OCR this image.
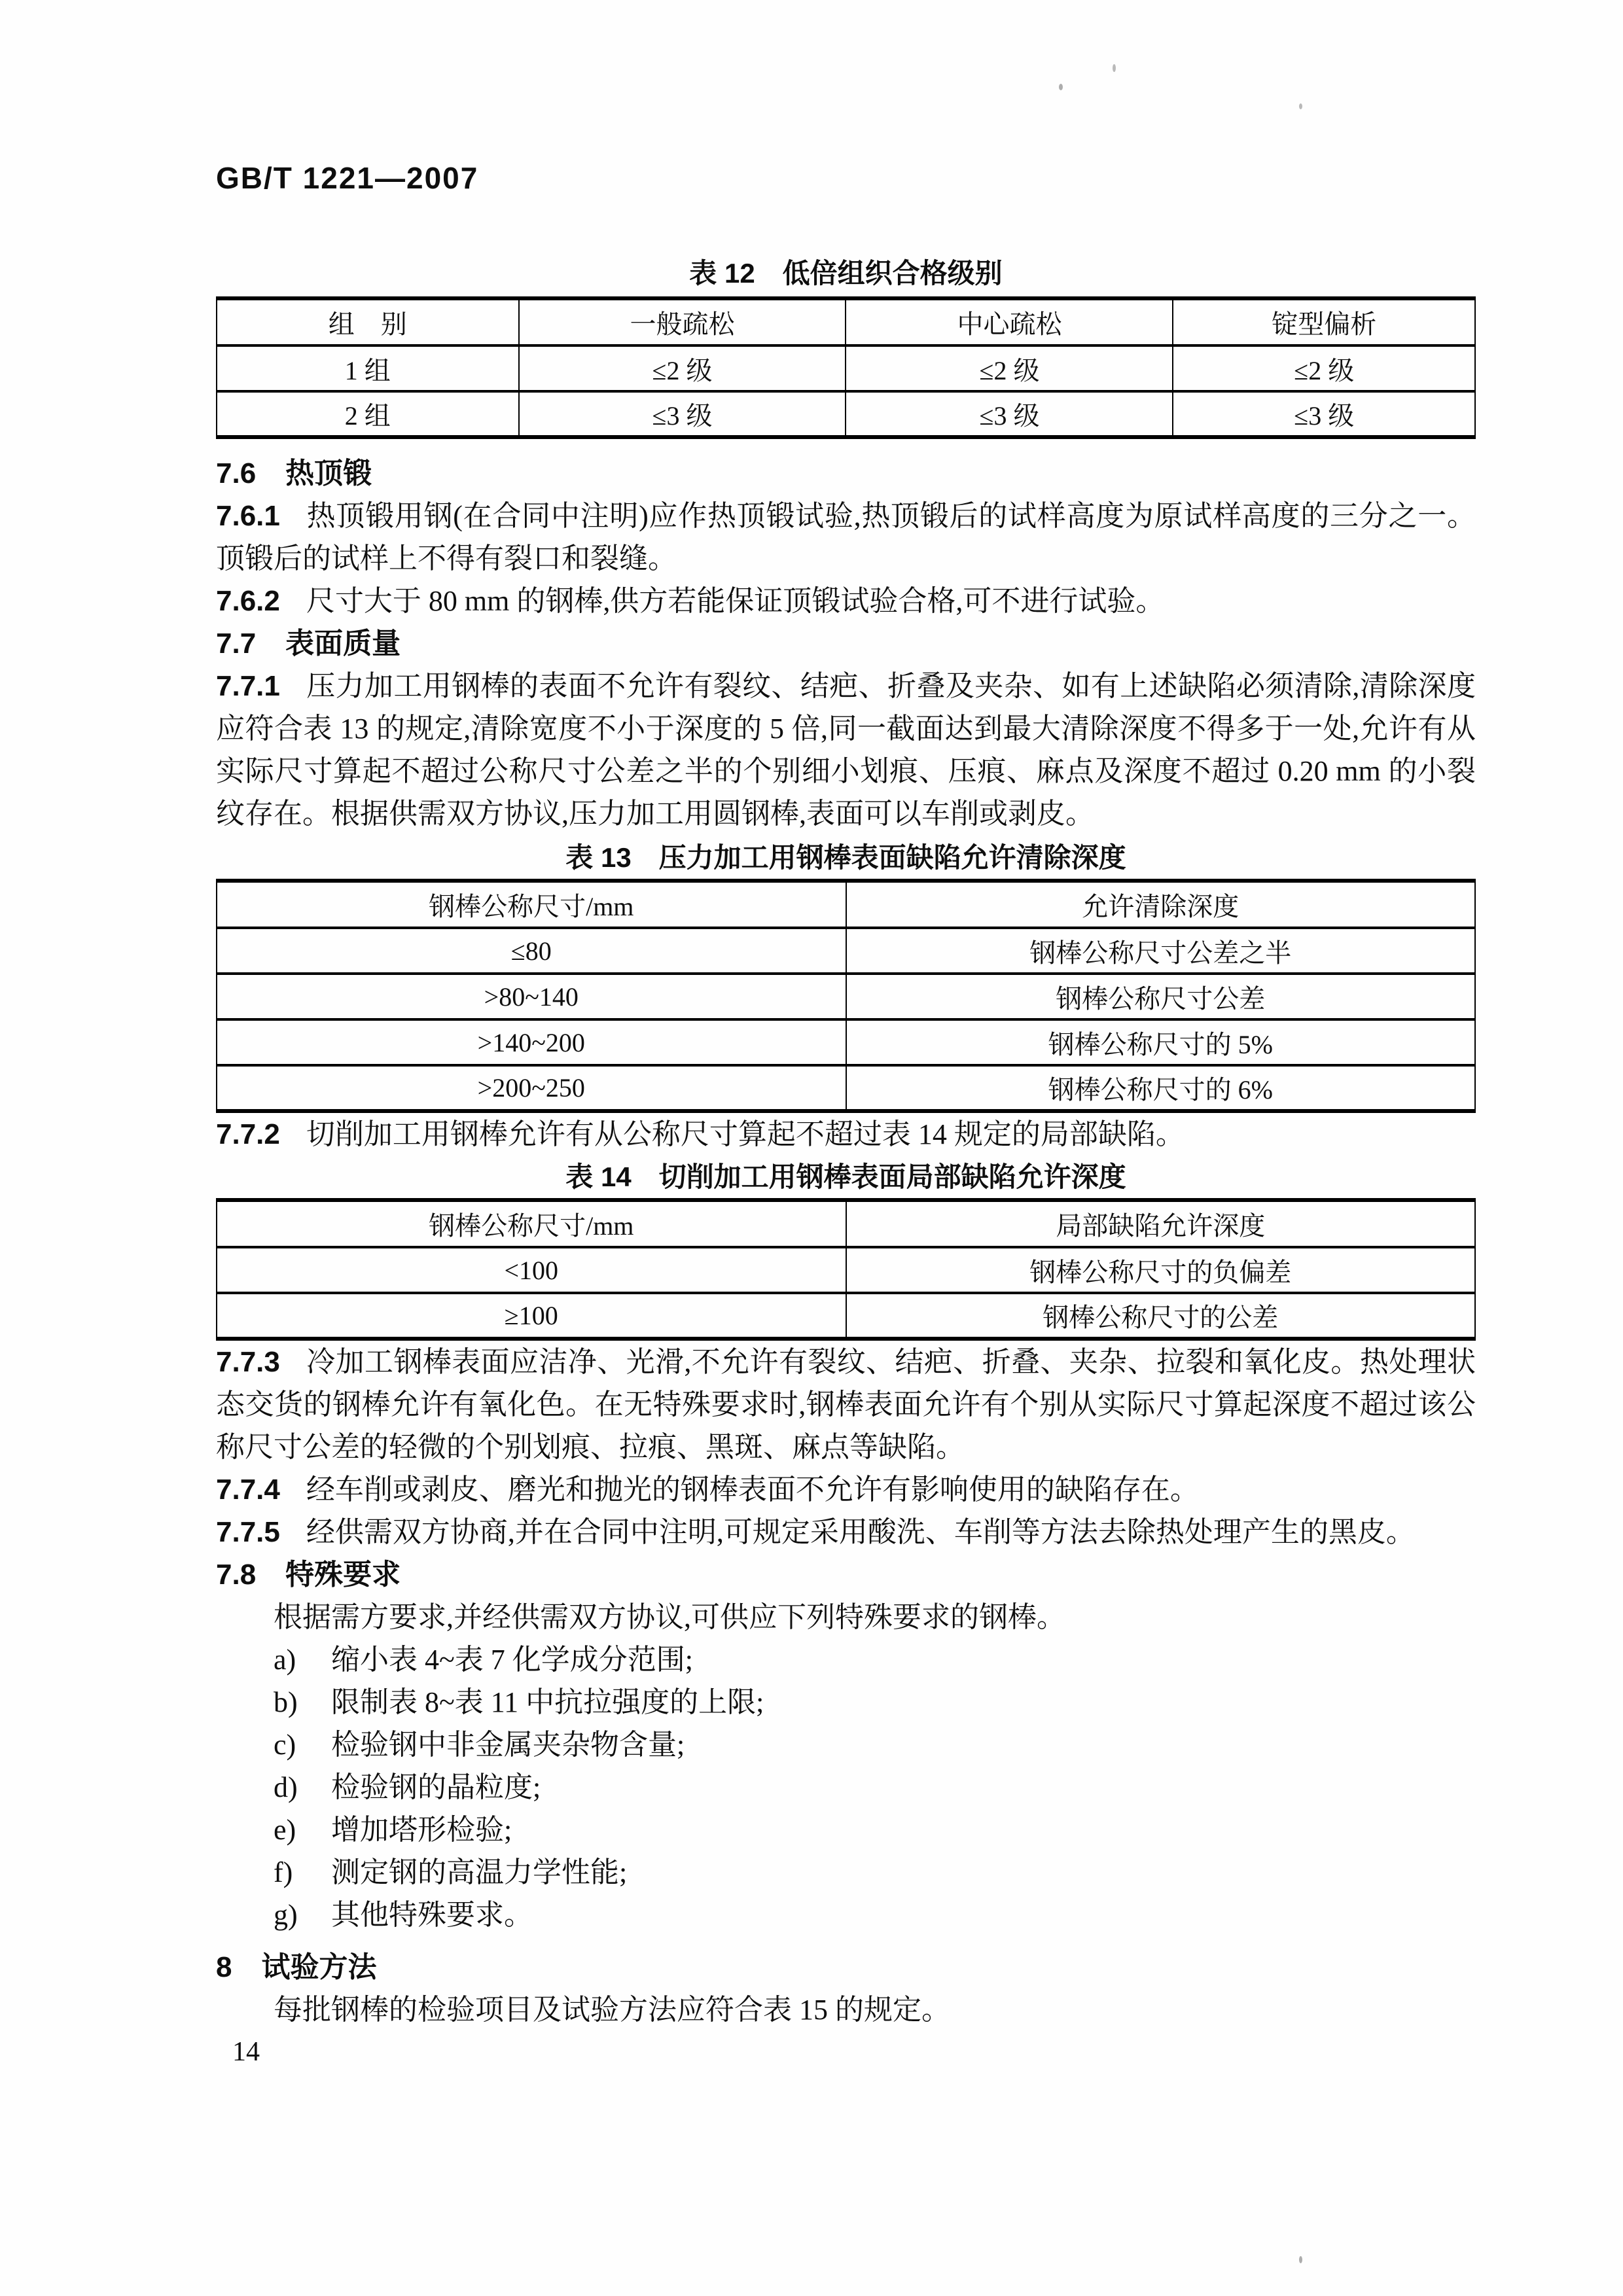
GB/T 1221—2007
表 12　低倍组织合格级别
组　别	一般疏松	中心疏松	锭型偏析
1 组	≤2 级	≤2 级	≤2 级
2 组	≤3 级	≤3 级	≤3 级
7.6 热顶锻

7.6.1 热顶锻用钢(在合同中注明)应作热顶锻试验,热顶锻后的试样高度为原试样高度的三分之一。顶锻后的试样上不得有裂口和裂缝。

7.6.2 尺寸大于 80 mm 的钢棒,供方若能保证顶锻试验合格,可不进行试验。

7.7 表面质量

7.7.1 压力加工用钢棒的表面不允许有裂纹、结疤、折叠及夹杂、如有上述缺陷必须清除,清除深度应符合表 13 的规定,清除宽度不小于深度的 5 倍,同一截面达到最大清除深度不得多于一处,允许有从实际尺寸算起不超过公称尺寸公差之半的个别细小划痕、压痕、麻点及深度不超过 0.20 mm 的小裂纹存在。根据供需双方协议,压力加工用圆钢棒,表面可以车削或剥皮。

表 13　压力加工用钢棒表面缺陷允许清除深度
钢棒公称尺寸/mm	允许清除深度
≤80	钢棒公称尺寸公差之半
>80~140	钢棒公称尺寸公差
>140~200	钢棒公称尺寸的 5%
>200~250	钢棒公称尺寸的 6%

7.7.2 切削加工用钢棒允许有从公称尺寸算起不超过表 14 规定的局部缺陷。

表 14　切削加工用钢棒表面局部缺陷允许深度
钢棒公称尺寸/mm	局部缺陷允许深度
<100	钢棒公称尺寸的负偏差
≥100	钢棒公称尺寸的公差

7.7.3 冷加工钢棒表面应洁净、光滑,不允许有裂纹、结疤、折叠、夹杂、拉裂和氧化皮。热处理状态交货的钢棒允许有氧化色。在无特殊要求时,钢棒表面允许有个别从实际尺寸算起深度不超过该公称尺寸公差的轻微的个别划痕、拉痕、黑斑、麻点等缺陷。

7.7.4 经车削或剥皮、磨光和抛光的钢棒表面不允许有影响使用的缺陷存在。

7.7.5 经供需双方协商,并在合同中注明,可规定采用酸洗、车削等方法去除热处理产生的黑皮。

7.8 特殊要求

根据需方要求,并经供需双方协议,可供应下列特殊要求的钢棒。

a) 缩小表 4~表 7 化学成分范围;
b) 限制表 8~表 11 中抗拉强度的上限;
c) 检验钢中非金属夹杂物含量;
d) 检验钢的晶粒度;
e) 增加塔形检验;
f) 测定钢的高温力学性能;
g) 其他特殊要求。
8 试验方法

每批钢棒的检验项目及试验方法应符合表 15 的规定。

14
